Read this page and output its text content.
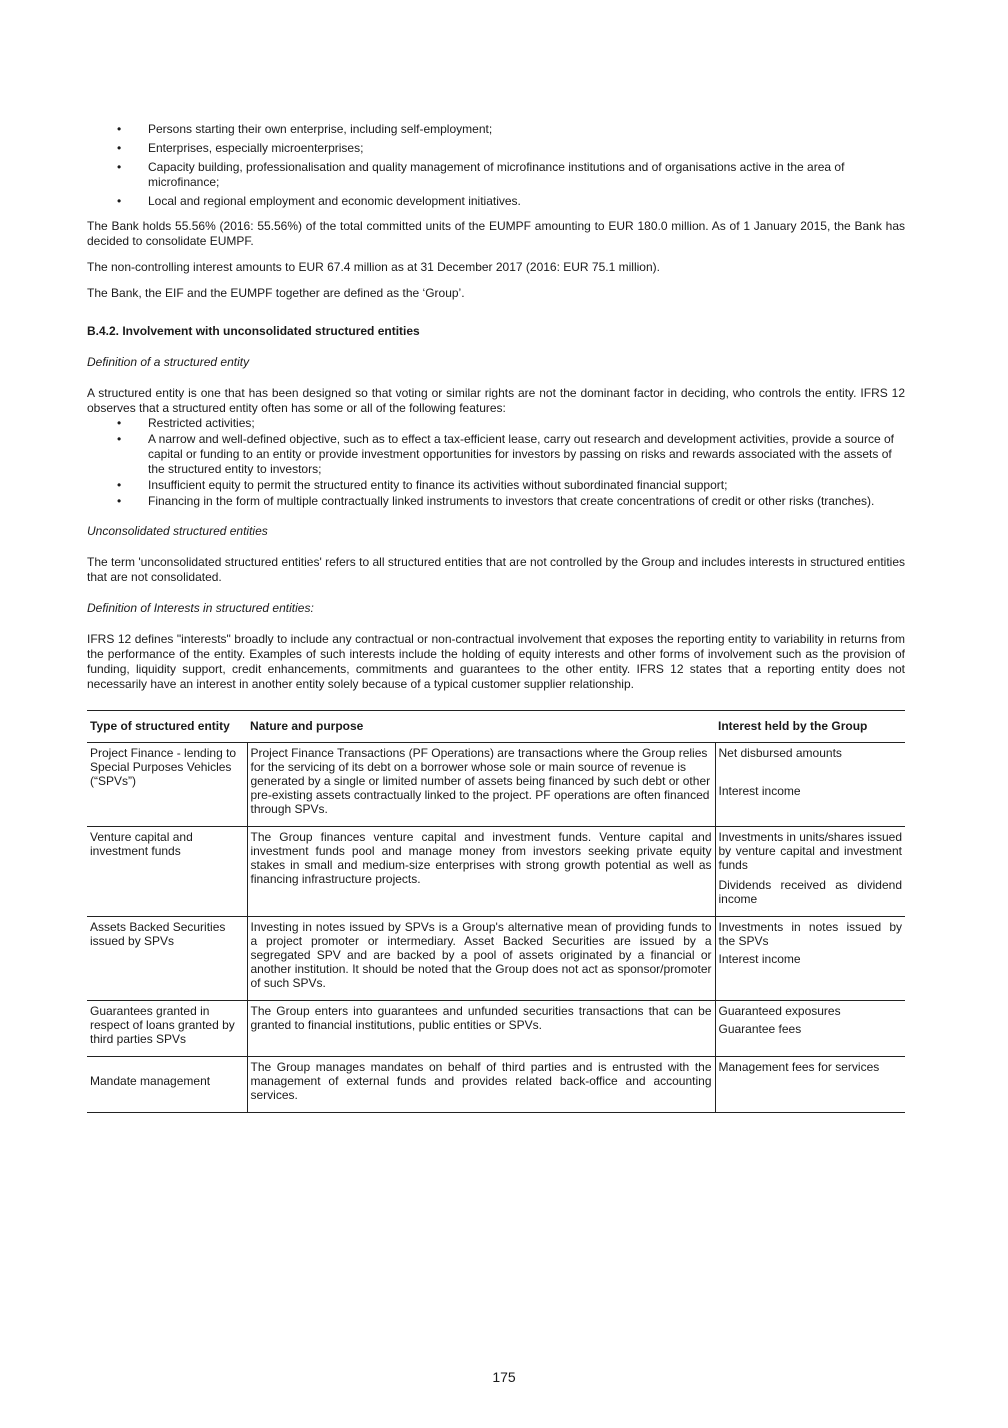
• Persons starting their own enterprise, including self-employment;
• Enterprises, especially microenterprises;
• Capacity building, professionalisation and quality management of microfinance institutions and of organisations active in the area of microfinance;
• Local and regional employment and economic development initiatives.

The Bank holds 55.56% (2016: 55.56%) of the total committed units of the EUMPF amounting to EUR 180.0 million. As of 1 January 2015, the Bank has decided to consolidate EUMPF.

The non-controlling interest amounts to EUR 67.4 million as at 31 December 2017 (2016: EUR 75.1 million).

The Bank, the EIF and the EUMPF together are defined as the ‘Group’.

B.4.2. Involvement with unconsolidated structured entities

Definition of a structured entity

A structured entity is one that has been designed so that voting or similar rights are not the dominant factor in deciding, who controls the entity. IFRS 12 observes that a structured entity often has some or all of the following features:

• Restricted activities;
• A narrow and well-defined objective, such as to effect a tax-efficient lease, carry out research and development activities, provide a source of capital or funding to an entity or provide investment opportunities for investors by passing on risks and rewards associated with the assets of the structured entity to investors;
• Insufficient equity to permit the structured entity to finance its activities without subordinated financial support;
• Financing in the form of multiple contractually linked instruments to investors that create concentrations of credit or other risks (tranches).

Unconsolidated structured entities

The term 'unconsolidated structured entities' refers to all structured entities that are not controlled by the Group and includes interests in structured entities that are not consolidated.

Definition of Interests in structured entities:

IFRS 12 defines "interests" broadly to include any contractual or non-contractual involvement that exposes the reporting entity to variability in returns from the performance of the entity. Examples of such interests include the holding of equity interests and other forms of involvement such as the provision of funding, liquidity support, credit enhancements, commitments and guarantees to the other entity. IFRS 12 states that a reporting entity does not necessarily have an interest in another entity solely because of a typical customer supplier relationship.

Type of structured entity	Nature and purpose	Interest held by the Group
Project Finance - lending to Special Purposes Vehicles (“SPVs”)	Project Finance Transactions (PF Operations) are transactions where the Group relies for the servicing of its debt on a borrower whose sole or main source of revenue is generated by a single or limited number of assets being financed by such debt or other pre-existing assets contractually linked to the project. PF operations are often financed through SPVs.	Net disbursed amounts
Interest income
Venture capital and investment funds	The Group finances venture capital and investment funds. Venture capital and investment funds pool and manage money from investors seeking private equity stakes in small and medium-size enterprises with strong growth potential as well as financing infrastructure projects.	Investments in units/shares issued by venture capital and investment funds
Dividends received as dividend income
Assets Backed Securities issued by SPVs	Investing in notes issued by SPVs is a Group's alternative mean of providing funds to a project promoter or intermediary. Asset Backed Securities are issued by a segregated SPV and are backed by a pool of assets originated by a financial or another institution. It should be noted that the Group does not act as sponsor/promoter of such SPVs.	Investments in notes issued by the SPVs
Interest income
Guarantees granted in respect of loans granted by third parties SPVs	The Group enters into guarantees and unfunded securities transactions that can be granted to financial institutions, public entities or SPVs.	Guaranteed exposures
Guarantee fees
Mandate management	The Group manages mandates on behalf of third parties and is entrusted with the management of external funds and provides related back-office and accounting services.	Management fees for services
175
